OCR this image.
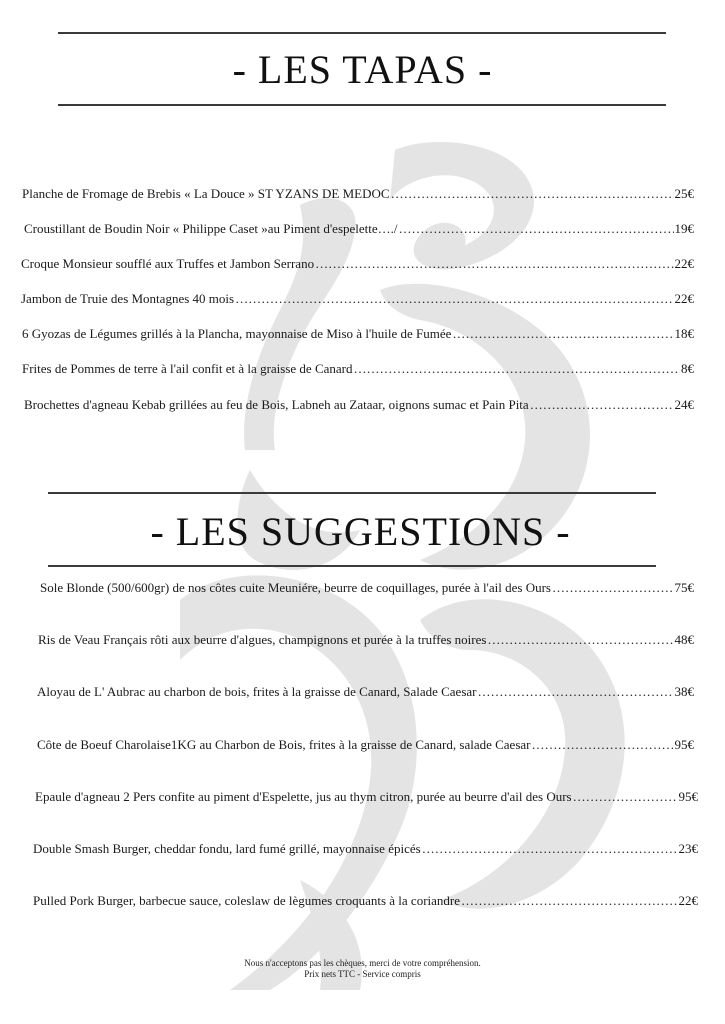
- LES TAPAS -
Planche de Fromage de Brebis « La Douce » ST YZANS DE MEDOC ……………………………………………………………………………………………………………………………………………………………………………	25€
Croustillant de Boudin Noir « Philippe Caset »au Piment d'espelette…./ ……………………………………………………………………………………………………………………………………………………………………………	19€
Croque Monsieur soufflé aux Truffes et Jambon Serrano ……………………………………………………………………………………………………………………………………………………………………………	22€
Jambon de Truie des Montagnes 40 mois ……………………………………………………………………………………………………………………………………………………………………………	22€
6 Gyozas de Légumes grillés à la Plancha, mayonnaise de Miso à l'huile de Fumée ……………………………………………………………………………………………………………………………………………………………………………	18€
Frites de Pommes de terre à l'ail confit et à la graisse de Canard ……………………………………………………………………………………………………………………………………………………………………………	8€
Brochettes d'agneau Kebab grillées au feu de Bois, Labneh au Zataar, oignons sumac et Pain Pita ……………………………………………………………………………………………………………………………………………………………………………	24€
- LES SUGGESTIONS -
Sole Blonde (500/600gr) de nos côtes cuite Meuniére, beurre de coquillages, purée à l'ail des Ours ……………………………………………………………………………………………………………………………………………………………………………	75€
Ris de Veau Français rôti aux beurre d'algues, champignons et purée à la truffes noires ……………………………………………………………………………………………………………………………………………………………………………	48€
Aloyau de L' Aubrac au charbon de bois, frites à la graisse de Canard, Salade Caesar ……………………………………………………………………………………………………………………………………………………………………………	38€
Côte de Boeuf Charolaise1KG au Charbon de Bois, frites à la graisse de Canard, salade Caesar ……………………………………………………………………………………………………………………………………………………………………………	95€
Epaule d'agneau 2 Pers confite au piment d'Espelette, jus au thym citron, purée au beurre d'ail des Ours ……………………………………………………………………………………………………………………………………………………………………………	95€
Double Smash Burger, cheddar fondu, lard fumé grillé, mayonnaise épicés ……………………………………………………………………………………………………………………………………………………………………………	23€
Pulled Pork Burger, barbecue sauce, coleslaw de lègumes croquants à la coriandre ……………………………………………………………………………………………………………………………………………………………………………	22€
Nous n'acceptons pas les chèques, merci de votre compréhension.
Prix nets TTC - Service compris
